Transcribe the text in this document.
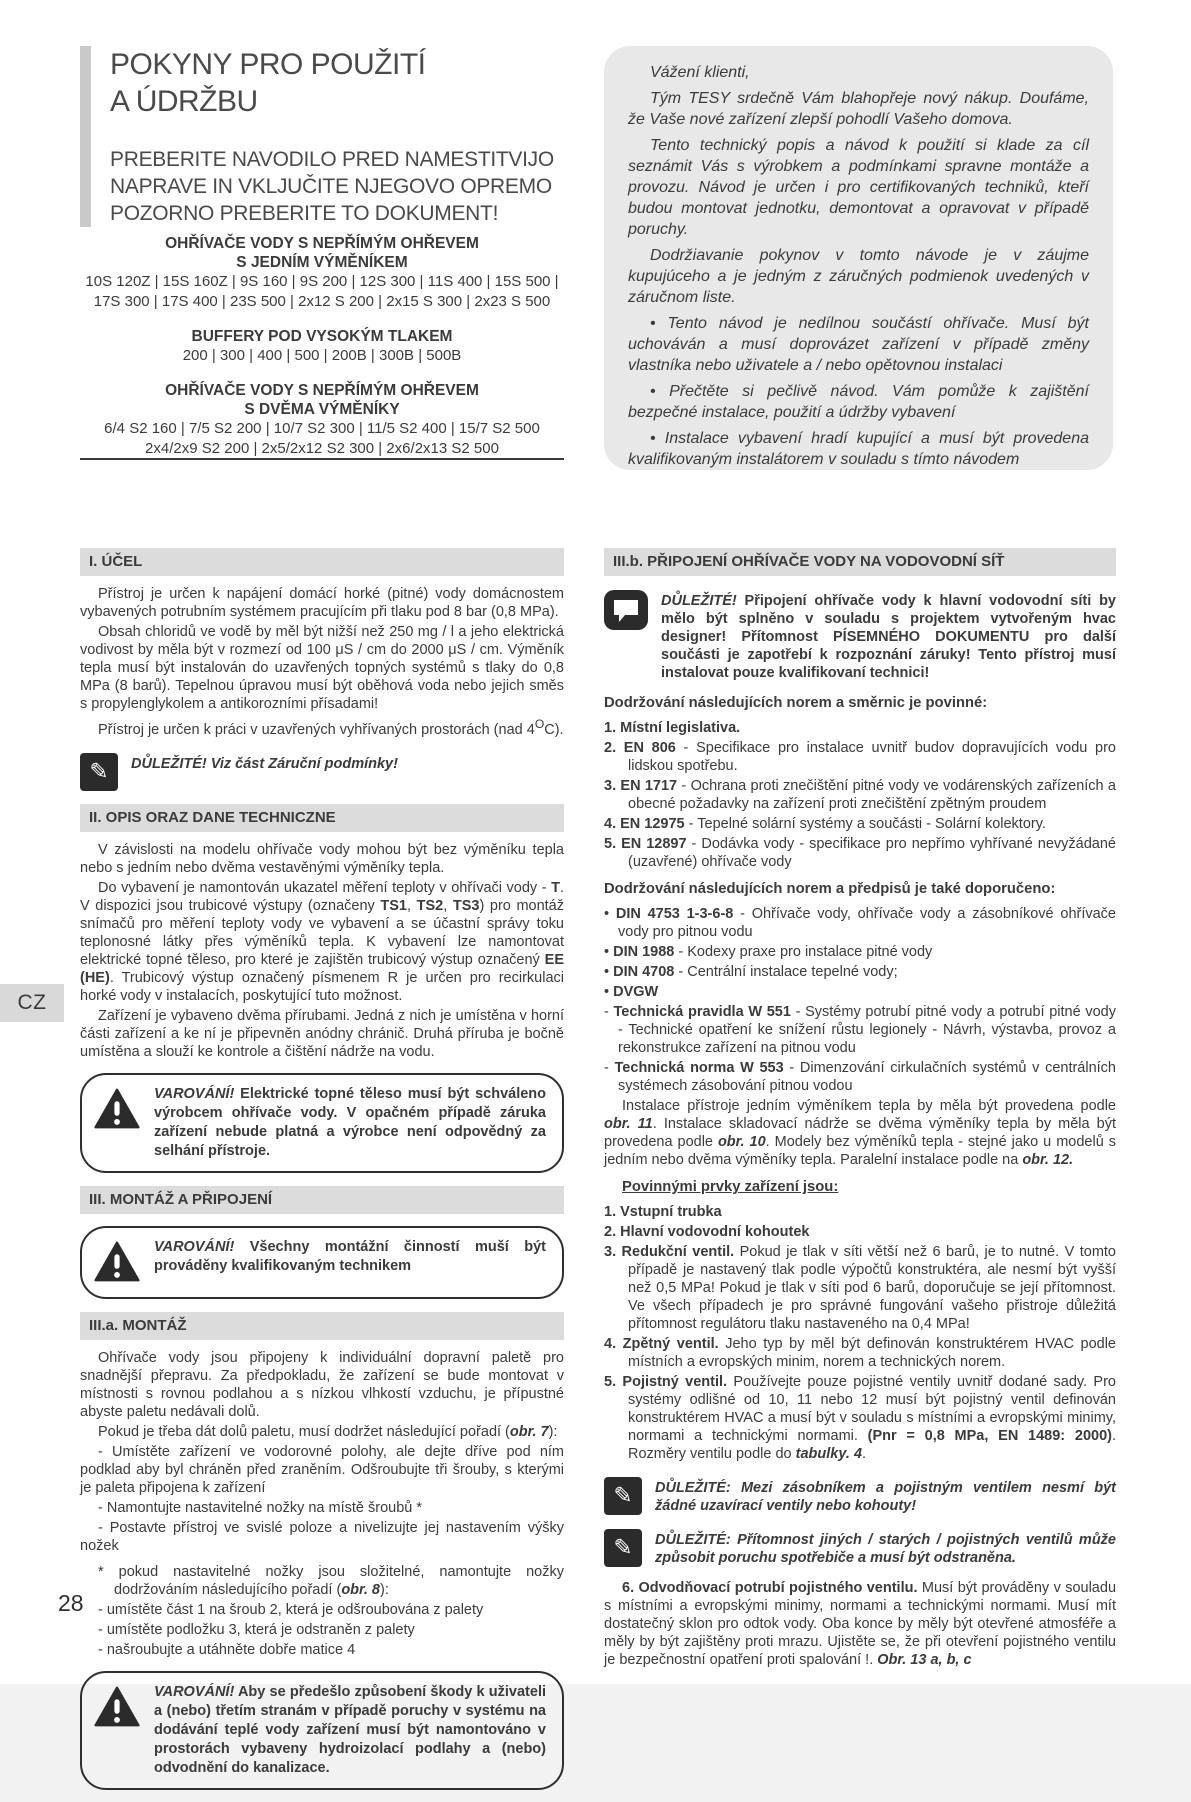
POKYNY PRO POUŽITÍ
A ÚDRŽBU
PREBERITE NAVODILO PRED NAMESTITVIJO NAPRAVE IN VKLJUČITE NJEGOVO OPREMO POZORNO PREBERITE TO DOKUMENT!
OHŘÍVAČE VODY S NEPŘÍMÝM OHŘEVEM
S JEDNÍM VÝMĚNÍKEM
10S 120Z | 15S 160Z | 9S 160 | 9S 200 | 12S 300 | 11S 400 | 15S 500 |
17S 300 | 17S 400 | 23S 500 | 2x12 S 200 | 2x15 S 300 | 2x23 S 500
BUFFERY POD VYSOKÝM TLAKEM
200 | 300 | 400 | 500 | 200B | 300B | 500B
OHŘÍVAČE VODY S NEPŘÍMÝM OHŘEVEM
S DVĚMA VÝMĚNÍKY
6/4 S2 160 | 7/5 S2 200 | 10/7 S2 300 | 11/5 S2 400 | 15/7 S2 500
2x4/2x9 S2 200 | 2x5/2x12 S2 300 | 2x6/2x13 S2 500

Vážení klienti,

Tým TESY srdečně Vám blahopřeje nový nákup. Doufáme, že Vaše nové zařízení zlepší pohodlí Vašeho domova.

Tento technický popis a návod k použití si klade za cíl seznámit Vás s výrobkem a podmínkami spravne montáže a provozu. Návod je určen i pro certifikovaných techniků, kteří budou montovat jednotku, demontovat a opravovat v případě poruchy.

Dodržiavanie pokynov v tomto návode je v záujme kupujúceho a je jedným z záručných podmienok uvedených v záručnom liste.

• Tento návod je nedílnou součástí ohřívače. Musí být uchováván a musí doprovázet zařízení v případě změny vlastníka nebo uživatele a / nebo opětovnou instalaci

• Přečtěte si pečlivě návod. Vám pomůže k zajištění bezpečné instalace, použití a údržby vybavení

• Instalace vybavení hradí kupující a musí být provedena kvalifikovaným instalátorem v souladu s tímto návodem

I. ÚČEL

Přístroj je určen k napájení domácí horké (pitné) vody domácnostem vybavených potrubním systémem pracujícím při tlaku pod 8 bar (0,8 MPa).

Obsah chloridů ve vodě by měl být nižší než 250 mg / l a jeho elektrická vodivost by měla být v rozmezí od 100 μS / cm do 2000 μS / cm. Výměník tepla musí být instalován do uzavřených topných systémů s tlaky do 0,8 MPa (8 barů). Tepelnou úpravou musí být oběhová voda nebo jejich směs s propylenglykolem a antikorozními přísadami!

Přístroj je určen k práci v uzavřených vyhřívaných prostorách (nad $4^OC$).

✎	DŮLEŽITÉ! Viz část Záruční podmínky!
II. OPIS ORAZ DANE TECHNICZNE

V závislosti na modelu ohřívače vody mohou být bez výměníku tepla nebo s jedním nebo dvěma vestavěnými výměníky tepla.

Do vybavení je namontován ukazatel měření teploty v ohřívači vody - T. V dispozici jsou trubicové výstupy (označeny TS1, TS2, TS3) pro montáž snímačů pro měření teploty vody ve vybavení a se účastní správy toku teplonosné látky přes výměníků tepla. K vybavení lze namontovat elektrické topné těleso, pro které je zajištěn trubicový výstup označený EE (HE). Trubicový výstup označený písmenem R je určen pro recirkulaci horké vody v instalacích, poskytující tuto možnost.

Zařízení je vybaveno dvěma přírubami. Jedná z nich je umístěna v horní části zařízení a ke ní je připevněn anódny chránič. Druhá příruba je bočně umístěna a slouží ke kontrole a čištění nádrže na vodu.

VAROVÁNÍ! Elektrické topné těleso musí být schváleno výrobcem ohřívače vody. V opačném případě záruka zařízení nebude platná a výrobce není odpovědný za selhání přístroje.
III. MONTÁŽ A PŘIPOJENÍ
VAROVÁNÍ! Všechny montážní činností muší být prováděny kvalifikovaným technikem
III.a. MONTÁŽ

Ohřívače vody jsou připojeny k individuální dopravní paletě pro snadnější přepravu. Za předpokladu, že zařízení se bude montovat v místnosti s rovnou podlahou a s nízkou vlhkostí vzduchu, je přípustné abyste paletu nedávali dolů.

Pokud je třeba dát dolů paletu, musí dodržet následující pořadí (obr. 7):

- Umístěte zařízení ve vodorovné polohy, ale dejte dříve pod ním podklad aby byl chráněn před zraněním. Odšroubujte tři šrouby, s kterými je paleta připojena k zařízení

- Namontujte nastavitelné nožky na místě šroubů *

- Postavte přístroj ve svislé poloze a nivelizujte jej nastavením výšky nožek

* pokud nastavitelné nožky jsou složitelné, namontujte nožky dodržováním následujícího pořadí (obr. 8):

- umístěte část 1 na šroub 2, která je odšroubována z palety

- umístěte podložku 3, která je odstraněn z palety

- našroubujte a utáhněte dobře matice 4

VAROVÁNÍ! Aby se předešlo způsobení škody k uživateli a (nebo) třetím stranám v případě poruchy v systému na dodávání teplé vody zařízení musí být namontováno v prostorách vybaveny hydroizolací podlahy a (nebo) odvodnění do kanalizace.
III.b. PŘIPOJENÍ OHŘÍVAČE VODY NA VODOVODNÍ SÍŤ
DŮLEŽITÉ! Připojení ohřívače vody k hlavní vodovodní síti by mělo být splněno v souladu s projektem vytvořeným hvac designer! Přítomnost PÍSEMNÉHO DOKUMENTU pro další součásti je zapotřebí k rozpoznání záruky! Tento přístroj musí instalovat pouze kvalifikovaní technici!
Dodržování následujících norem a směrnic je povinné:
1. Místní legislativa.
2. EN 806 - Specifikace pro instalace uvnitř budov dopravujících vodu pro lidskou spotřebu.
3. EN 1717 - Ochrana proti znečištění pitné vody ve vodárenských zařízeních a obecné požadavky na zařízení proti znečištění zpětným proudem
4. EN 12975 - Tepelné solární systémy a součásti - Solární kolektory.
5. EN 12897 - Dodávka vody - specifikace pro nepřímo vyhřívané nevyžádané (uzavřené) ohřívače vody
Dodržování následujících norem a předpisů je také doporučeno:
• DIN 4753 1-3-6-8 - Ohřívače vody, ohřívače vody a zásobníkové ohřívače vody pro pitnou vodu
• DIN 1988 - Kodexy praxe pro instalace pitné vody
• DIN 4708 - Centrální instalace tepelné vody;
• DVGW
- Technická pravidla W 551 - Systémy potrubí pitné vody a potrubí pitné vody - Technické opatření ke snížení růstu legionely - Návrh, výstavba, provoz a rekonstrukce zařízení na pitnou vodu
- Technická norma W 553 - Dimenzování cirkulačních systémů v centrálních systémech zásobování pitnou vodou

Instalace přístroje jedním výměníkem tepla by měla být provedena podle obr. 11. Instalace skladovací nádrže se dvěma výměníky tepla by měla být provedena podle obr. 10. Modely bez výměníků tepla - stejné jako u modelů s jedním nebo dvěma výměníky tepla. Paralelní instalace podle na obr. 12.

Povinnými prvky zařízení jsou:
1. Vstupní trubka
2. Hlavní vodovodní kohoutek
3. Redukční ventil. Pokud je tlak v síti větší než 6 barů, je to nutné. V tomto případě je nastavený tlak podle výpočtů konstruktéra, ale nesmí být vyšší než 0,5 MPa! Pokud je tlak v síti pod 6 barů, doporučuje se její přítomnost. Ve všech případech je pro správné fungování vašeho přistroje důležitá přítomnost regulátoru tlaku nastaveného na 0,4 MPa!
4. Zpětný ventil. Jeho typ by měl být definován konstruktérem HVAC podle místních a evropských minim, norem a technických norem.
5. Pojistný ventil. Používejte pouze pojistné ventily uvnitř dodané sady. Pro systémy odlišné od 10, 11 nebo 12 musí být pojistný ventil definován konstruktérem HVAC a musí být v souladu s místními a evropskými minimy, normami a technickými normami. (Pnr = 0,8 MPa, EN 1489: 2000). Rozměry ventilu podle do tabulky. 4.
✎	DŮLEŽITÉ: Mezi zásobníkem a pojistným ventilem nesmí být žádné uzavírací ventily nebo kohouty!
✎	DŮLEŽITÉ: Přítomnost jiných / starých / pojistných ventilů může způsobit poruchu spotřebiče a musí být odstraněna.

6. Odvodňovací potrubí pojistného ventilu. Musí být prováděny v souladu s místními a evropskými minimy, normami a technickými normami. Musí mít dostatečný sklon pro odtok vody. Oba konce by měly být otevřené atmosféře a měly by být zajištěny proti mrazu. Ujistěte se, že při otevření pojistného ventilu je bezpečnostní opatření proti spalování !. Obr. 13 a, b, c

CZ
28
